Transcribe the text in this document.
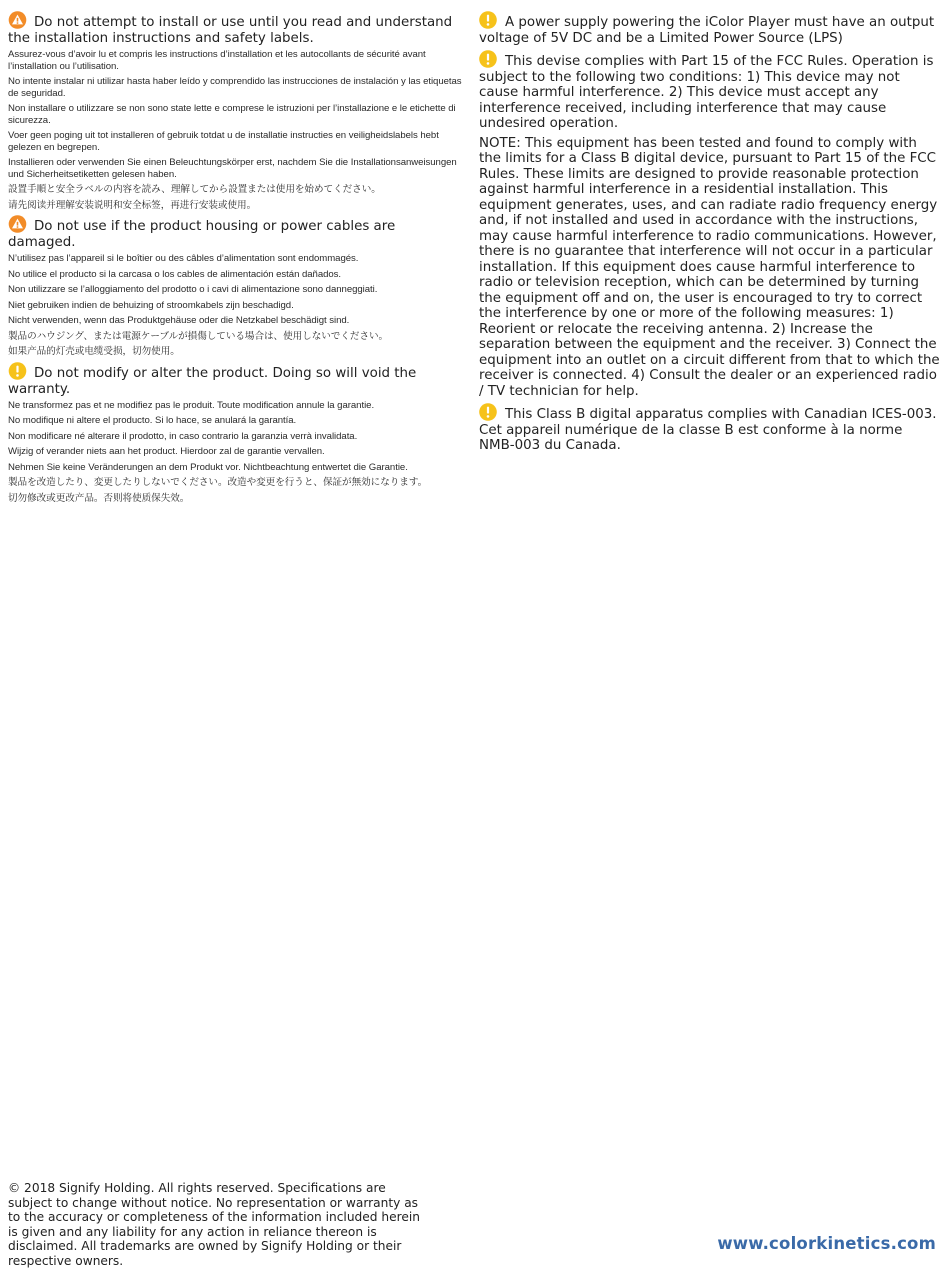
Do not attempt to install or use until you read and understand the installation instructions and safety labels.
Assurez-vous d’avoir lu et compris les instructions d’installation et les autocollants de sécurité avant l’installation ou l’utilisation.
No intente instalar ni utilizar hasta haber leído y comprendido las instrucciones de instalación y las etiquetas de seguridad.
Non installare o utilizzare se non sono state lette e comprese le istruzioni per l’installazione e le etichette di sicurezza.
Voer geen poging uit tot installeren of gebruik totdat u de installatie instructies en veiligheidslabels hebt gelezen en begrepen.
Installieren oder verwenden Sie einen Beleuchtungskörper erst, nachdem Sie die Installationsanweisungen und Sicherheitsetiketten gelesen haben.
設置手順と安全ラベルの内容を読み、理解してから設置または使用を始めてください。
请先阅读并理解安装说明和安全标签，再进行安装或使用。
Do not use if the product housing or power cables are damaged.
N’utilisez pas l’appareil si le boîtier ou des câbles d’alimentation sont endommagés.
No utilice el producto si la carcasa o los cables de alimentación están dañados.
Non utilizzare se l’alloggiamento del prodotto o i cavi di alimentazione sono danneggiati.
Niet gebruiken indien de behuizing of stroomkabels zijn beschadigd.
Nicht verwenden, wenn das Produktgehäuse oder die Netzkabel beschädigt sind.
製品のハウジング、または電源ケーブルが損傷している場合は、使用しないでください。
如果产品的灯壳或电缆受损，切勿使用。
Do not modify or alter the product. Doing so will void the warranty.
Ne transformez pas et ne modifiez pas le produit. Toute modification annule la garantie.
No modifique ni altere el producto. Si lo hace, se anulará la garantía.
Non modificare né alterare il prodotto, in caso contrario la garanzia verrà invalidata.
Wijzig of verander niets aan het product. Hierdoor zal de garantie vervallen.
Nehmen Sie keine Veränderungen an dem Produkt vor. Nichtbeachtung entwertet die Garantie.
製品を改造したり、変更したりしないでください。改造や変更を行うと、保証が無効になります。
切勿修改或更改产品。否则将使质保失效。
A power supply powering the iColor Player must have an output voltage of 5V DC and be a Limited Power Source (LPS)
This devise complies with Part 15 of the FCC Rules. Operation is subject to the following two conditions: 1) This device may not cause harmful interference. 2) This device must accept any interference received, including interference that may cause undesired operation.
NOTE: This equipment has been tested and found to comply with the limits for a Class B digital device, pursuant to Part 15 of the FCC Rules. These limits are designed to provide reasonable protection against harmful interference in a residential installation. This equipment generates, uses, and can radiate radio frequency energy and, if not installed and used in accordance with the instructions, may cause harmful interference to radio communications. However, there is no guarantee that interference will not occur in a particular installation. If this equipment does cause harmful interference to radio or television reception, which can be determined by turning the equipment off and on, the user is encouraged to try to correct the interference by one or more of the following measures: 1) Reorient or relocate the receiving antenna. 2) Increase the separation between the equipment and the receiver. 3) Connect the equipment into an outlet on a circuit different from that to which the receiver is connected. 4) Consult the dealer or an experienced radio / TV technician for help.
This Class B digital apparatus complies with Canadian ICES-003. Cet appareil numérique de la classe B est conforme à la norme NMB-003 du Canada.
© 2018 Signify Holding. All rights reserved. Specifications are subject to change without notice. No representation or warranty as to the accuracy or completeness of the information included herein is given and any liability for any action in reliance thereon is disclaimed. All trademarks are owned by Signify Holding or their respective owners.
www.colorkinetics.com
